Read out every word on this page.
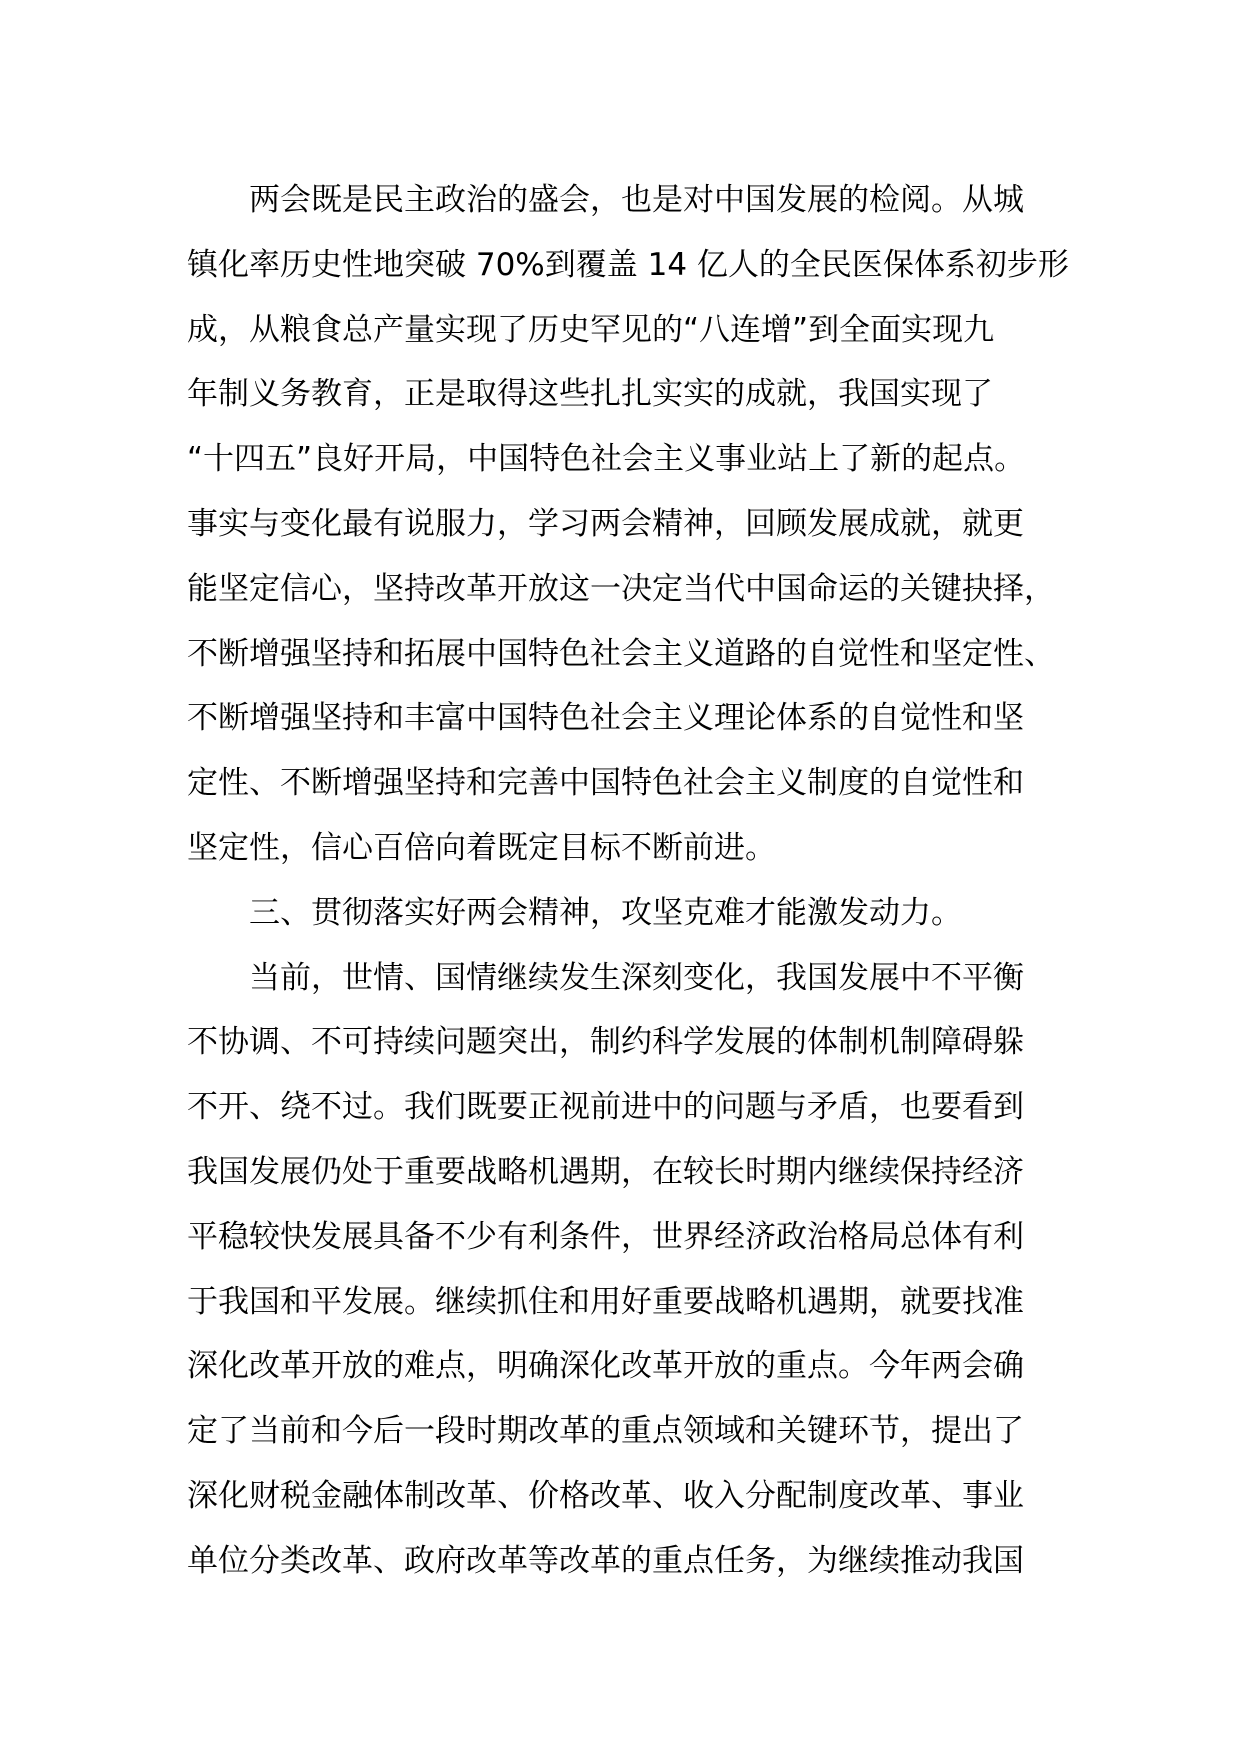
两会既是民主政治的盛会，也是对中国发展的检阅。从城
镇化率历史性地突破 70%到覆盖 14 亿人的全民医保体系初步形
成，从粮食总产量实现了历史罕见的“八连增”到全面实现九
年制义务教育，正是取得这些扎扎实实的成就，我国实现了
“十四五”良好开局，中国特色社会主义事业站上了新的起点。
事实与变化最有说服力，学习两会精神，回顾发展成就，就更
能坚定信心，坚持改革开放这一决定当代中国命运的关键抉择，
不断增强坚持和拓展中国特色社会主义道路的自觉性和坚定性、
不断增强坚持和丰富中国特色社会主义理论体系的自觉性和坚
定性、不断增强坚持和完善中国特色社会主义制度的自觉性和
坚定性，信心百倍向着既定目标不断前进。
三、贯彻落实好两会精神，攻坚克难才能激发动力。
当前，世情、国情继续发生深刻变化，我国发展中不平衡
不协调、不可持续问题突出，制约科学发展的体制机制障碍躲
不开、绕不过。我们既要正视前进中的问题与矛盾，也要看到
我国发展仍处于重要战略机遇期，在较长时期内继续保持经济
平稳较快发展具备不少有利条件，世界经济政治格局总体有利
于我国和平发展。继续抓住和用好重要战略机遇期，就要找准
深化改革开放的难点，明确深化改革开放的重点。今年两会确
定了当前和今后一段时期改革的重点领域和关键环节，提出了
深化财税金融体制改革、价格改革、收入分配制度改革、事业
单位分类改革、政府改革等改革的重点任务，为继续推动我国
